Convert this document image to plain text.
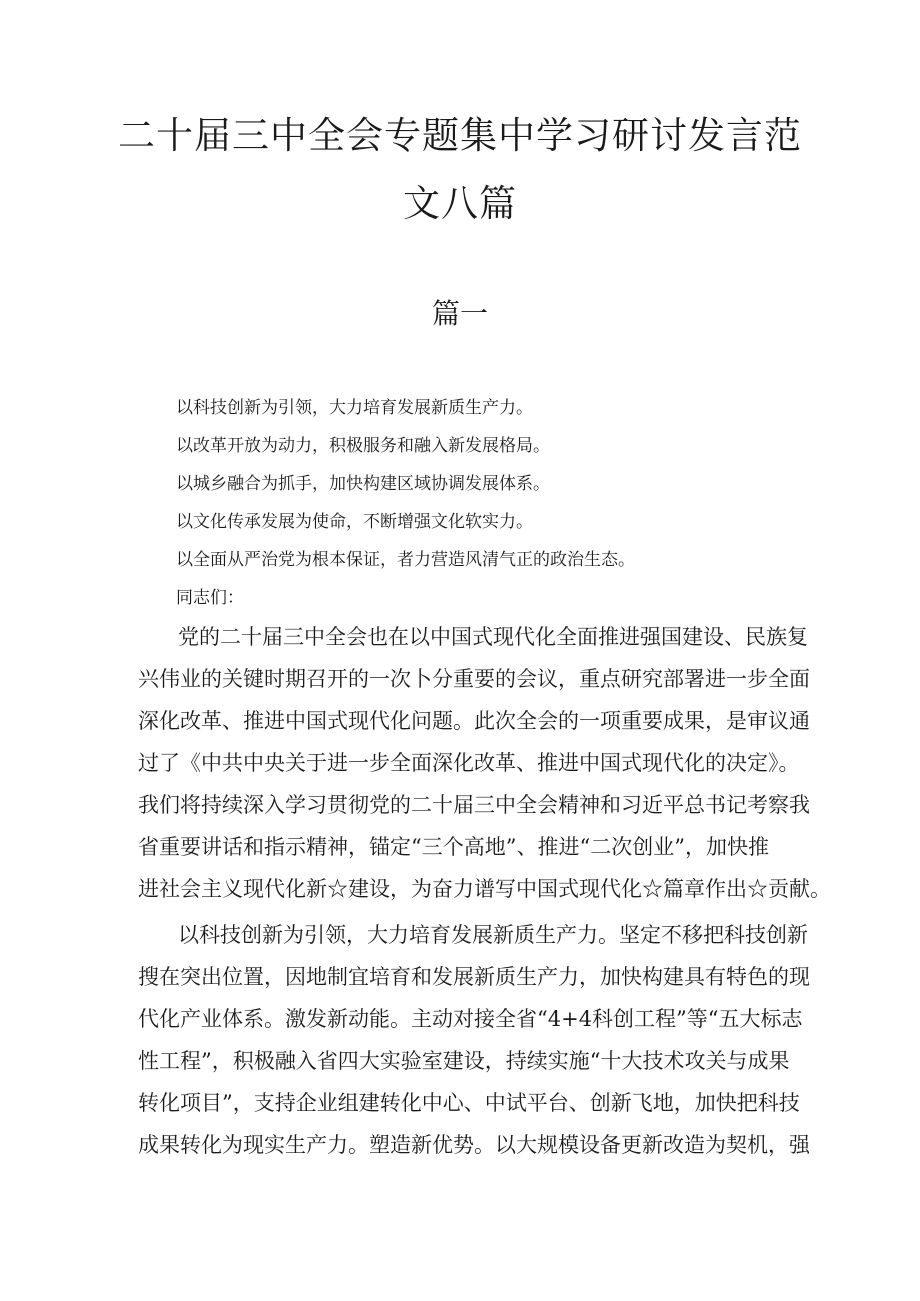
二十届三中全会专题集中学习研讨发言范
文八篇
篇一
以科技创新为引领，大力培育发展新质生产力。
以改革开放为动力，积极服务和融入新发展格局。
以城乡融合为抓手，加快构建区域协调发展体系。
以文化传承发展为使命，不断增强文化软实力。
以全面从严治党为根本保证，者力营造风清气正的政治生态。
同志们：
党的二十届三中全会也在以中国式现代化全面推进强国建设、民族复
兴伟业的关键时期召开的一次卜分重要的会议，重点研究部署进一步全面
深化改革、推进中国式现代化问题。此次全会的一项重要成果，是审议通
过了《中共中央关于进一步全面深化改革、推进中国式现代化的决定》。
我们将持续深入学习贯彻党的二十届三中全会精神和习近平总书记考察我
省重要讲话和指示精神，锚定“三个高地”、推进“二次创业”，加快推
进社会主义现代化新☆建设，为奋力谱写中国式现代化☆篇章作出☆贡献。
以科技创新为引领，大力培育发展新质生产力。坚定不移把科技创新
搜在突出位置，因地制宜培育和发展新质生产力，加快构建具有特色的现
代化产业体系。激发新动能。主动对接全省“4+4科创工程”等“五大标志
性工程”，积极融入省四大实验室建设，持续实施“十大技术攻关与成果
转化项目”，支持企业组建转化中心、中试平台、创新飞地，加快把科技
成果转化为现实生产力。塑造新优势。以大规模设备更新改造为契机，强
